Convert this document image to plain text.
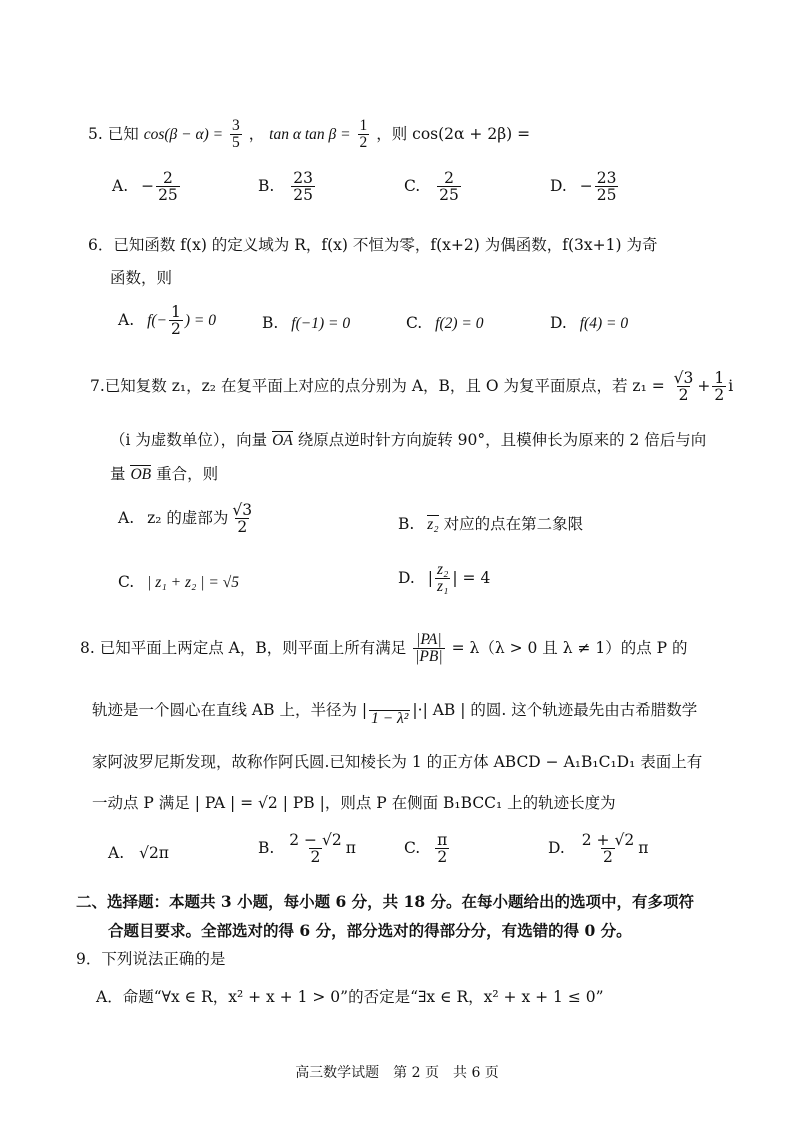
5. 已知 $\cos(\beta - \alpha) = \frac{3}{5}$ ， tan α $\tan \beta = \frac{1}{2}$ ，则 cos(2α + 2β) =
A. − $\frac{2}{25}$	B. $\frac{23}{25}$	C. $\frac{2}{25}$	D. − $\frac{23}{25}$
6．已知函数 f(x) 的定义域为 R，f(x) 不恒为零，f(x+2) 为偶函数，f(3x+1) 为奇
函数，则
A. $f(- \frac{1}{2}$ ) = 0	B. f(−1) = 0	C. f(2) = 0	D. f(4) = 0
7.已知复数 z₁，z₂ 在复平面上对应的点分别为 A，B，且 O 为复平面原点，若 $z_1 = \frac{√3}{2} + \frac{1}{2}$ i
（i 为虚数单位），向量 OA 绕原点逆时针方向旋转 90°，且模伸长为原来的 2 倍后与向
量 OB 重合，则
A. z₂ 的虚部为 $\frac{√3}{2}$	B. z₂ 对应的点在第二象限
C. | z₁ + z₂ | = √5	D. | $\frac{\text{z₂}}{\text{z₁}}$ | = 4
8. 已知平面上两定点 A，B，则平面上所有满足 $\frac{|PA|}{|PB|} = \lambda(\lambda > 0$ 且 λ ≠ 1）的点 P 的
轨迹是一个圆心在直线 AB 上，半径为 |
1 − λ² |·| AB | 的圆. 这个轨迹最先由古希腊数学
家阿波罗尼斯发现，故称作阿氏圆.已知棱长为 1 的正方体 ABCD − A₁B₁C₁D₁ 表面上有
一动点 P 满足 | PA | = √2 | PB |，则点 P 在侧面 B₁BCC₁ 上的轨迹长度为
A. √2π	B. $\frac{2 - √2}{2}$ π	C. $\frac{\pi}{2}$	D. $\frac{2 + √2}{2}$ π
二、选择题：本题共 3 小题，每小题 6 分，共 18 分。在每小题给出的选项中，有多项符
合题目要求。全部选对的得 6 分，部分选对的得部分分，有选错的得 0 分。
9．下列说法正确的是
A．命题“∀x ∈ R，x² + x + 1 > 0”的否定是“∃x ∈ R，x² + x + 1 ≤ 0”
高三数学试题　第 2 页　共 6 页
